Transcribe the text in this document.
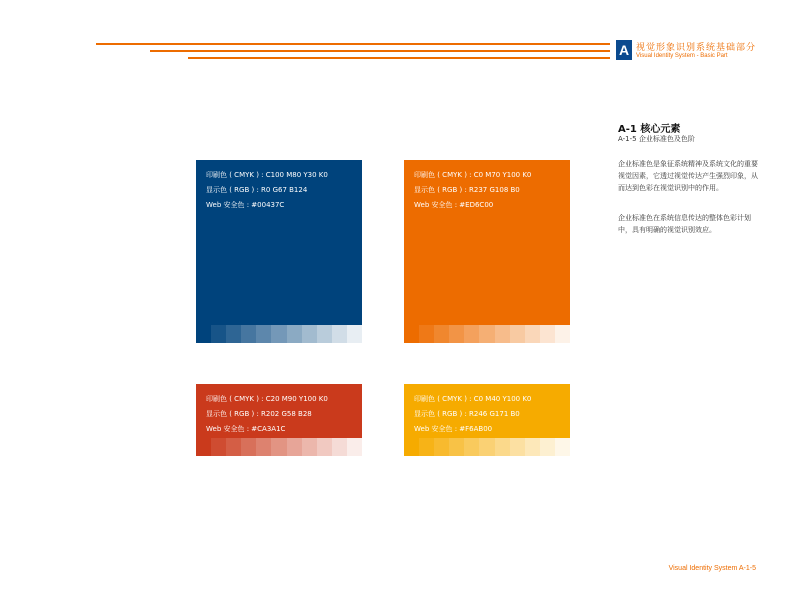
A 视觉形象识别系统基础部分
Visual Identity System - Basic Part
A-1 核心元素
A-1-5 企业标准色及色阶
企业标准色是象征系统精神及系统文化的重要视觉因素，它透过视觉传达产生强烈印象，从而达到色彩在视觉识别中的作用。
企业标准色在系统信息传达的整体色彩计划中，具有明确的视觉识别效应。
印刷色 ( CMYK ) : C100 M80 Y30 K0
显示色 ( RGB ) : R0 G67 B124
Web 安全色 : #00437C
印刷色 ( CMYK ) : C0 M70 Y100 K0
显示色 ( RGB ) : R237 G108 B0
Web 安全色 : #ED6C00
印刷色 ( CMYK ) : C20 M90 Y100 K0
显示色 ( RGB ) : R202 G58 B28
Web 安全色 : #CA3A1C
印刷色 ( CMYK ) : C0 M40 Y100 K0
显示色 ( RGB ) : R246 G171 B0
Web 安全色 : #F6AB00
Visual Identity System A-1-5
